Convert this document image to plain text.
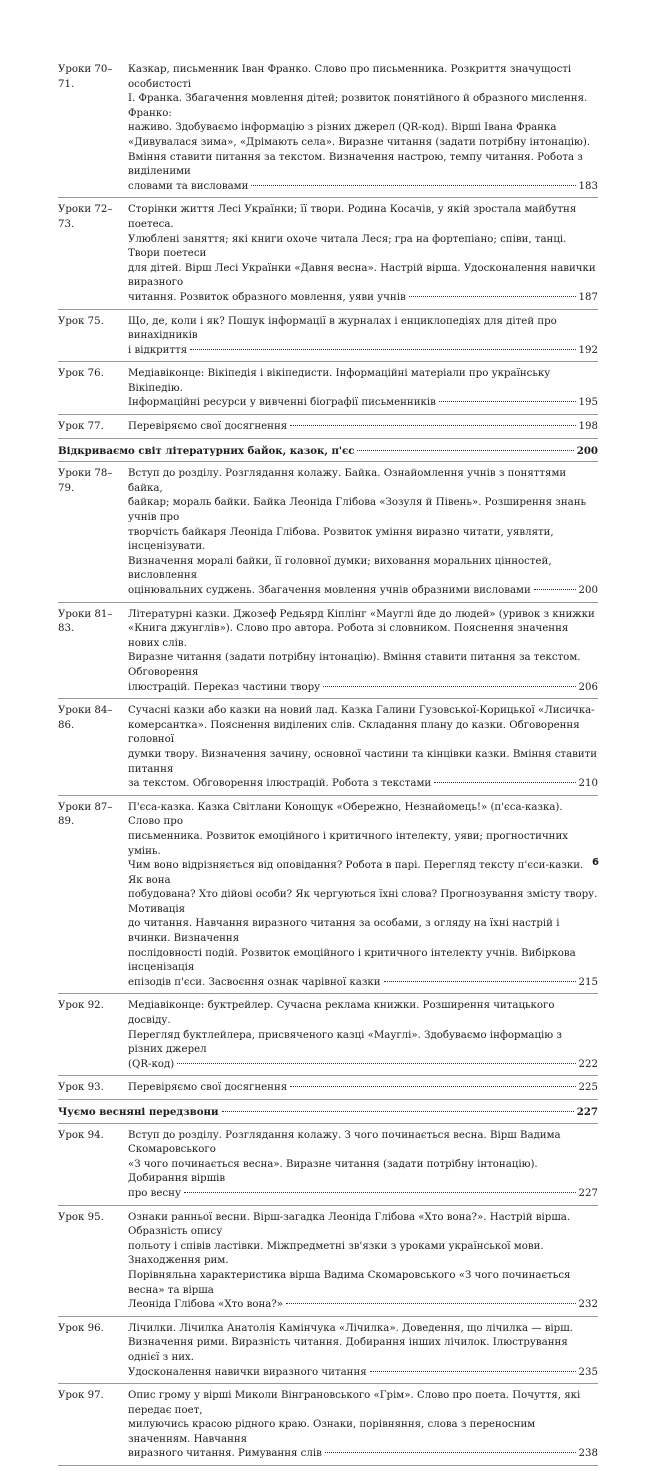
Уроки 70–71.
Казкар, письменник Іван Франко. Слово про письменника. Розкриття значущості особистості
І. Франка. Збагачення мовлення дітей; розвиток понятійного й образного мислення. Франко:
наживо. Здобуваємо інформацію з різних джерел (QR-код). Вірші Івана Франка
«Дивувалася зима», «Дрімають села». Виразне читання (задати потрібну інтонацію).
Вміння ставити питання за текстом. Визначення настрою, темпу читання. Робота з виділеними
словами та висловами	183
Уроки 72–73.
Сторінки життя Лесі Українки; її твори. Родина Косачів, у якій зростала майбутня поетеса.
Улюблені заняття; які книги охоче читала Леся; гра на фортепіано; співи, танці. Твори поетеси
для дітей. Вірш Лесі Українки «Давня весна». Настрій вірша. Удосконалення навички виразного
читання. Розвиток образного мовлення, уяви учнів	187
Урок 75.	Що, де, коли і як? Пошук інформації в журналах і енциклопедіях для дітей про винахідників
і відкриття	192
Урок 76.	Медіавіконце: Вікіпедія і вікіпедисти. Інформаційні матеріали про українську Вікіпедію.
Інформаційні ресурси у вивченні біографії письменників	195
Урок 77.	Перевіряємо свої досягнення	198
Відкриваємо світ літературних байок, казок, п'єс	200
Уроки 78–79.
Вступ до розділу. Розглядання колажу. Байка. Ознайомлення учнів з поняттями байка,
байкар; мораль байки. Байка Леоніда Глібова «Зозуля й Півень». Розширення знань учнів про
творчість байкаря Леоніда Глібова. Розвиток уміння виразно читати, уявляти, інсценізувати.
Визначення моралі байки, її головної думки; виховання моральних цінностей, висловлення
оцінювальних суджень. Збагачення мовлення учнів образними висловами	200
Уроки 81–83.
Літературні казки. Джозеф Редьярд Кіплінг «Мауглі йде до людей» (уривок з книжки
«Книга джунглів»). Слово про автора. Робота зі словником. Пояснення значення нових слів.
Виразне читання (задати потрібну інтонацію). Вміння ставити питання за текстом. Обговорення
ілюстрацій. Переказ частини твору	206
Уроки 84–86.
Сучасні казки або казки на новий лад. Казка Галини Гузовської-Корицької «Лисичка-
комерсантка». Пояснення виділених слів. Складання плану до казки. Обговорення головної
думки твору. Визначення зачину, основної частини та кінцівки казки. Вміння ставити питання
за текстом. Обговорення ілюстрацій. Робота з текстами	210
Уроки 87–89.
П'єса-казка. Казка Світлани Конощук «Обережно, Незнайомець!» (п'єса-казка). Слово про
письменника. Розвиток емоційного і критичного інтелекту, уяви; прогностичних умінь.
Чим воно відрізняється від оповідання? Робота в парі. Перегляд тексту п'єси-казки. Як вона
побудована? Хто дійові особи? Як чергуються їхні слова? Прогнозування змісту твору. Мотивація
до читання. Навчання виразного читання за особами, з огляду на їхні настрій і вчинки. Визначення
послідовності подій. Розвиток емоційного і критичного інтелекту учнів. Вибіркова інсценізація
епізодів п'єси. Засвоєння ознак чарівної казки	215
Урок 92.	Медіавіконце: буктрейлер. Сучасна реклама книжки. Розширення читацького досвіду.
Перегляд буктлейлера, присвяченого казці «Мауглі». Здобуваємо інформацію з різних джерел
(QR-код)	222
Урок 93.	Перевіряємо свої досягнення	225
Чуємо весняні передзвони	227
Урок 94.	Вступ до розділу. Розглядання колажу. З чого починається весна. Вірш Вадима Скомаровського
«З чого починається весна». Виразне читання (задати потрібну інтонацію). Добирання віршів
про весну	227
Урок 95.	Ознаки ранньої весни. Вірш-загадка Леоніда Глібова «Хто вона?». Настрій вірша. Образність опису
польоту і співів ластівки. Міжпредметні зв'язки з уроками української мови. Знаходження рим.
Порівняльна характеристика вірша Вадима Скомаровського «З чого починається весна» та вірша
Леоніда Глібова «Хто вона?»	232
Урок 96.	Лічилки. Лічилка Анатолія Камінчука «Лічилка». Доведення, що лічилка — вірш.
Визначення рими. Виразність читання. Добирання інших лічилок. Ілюстрування однієї з них.
Удосконалення навички виразного читання	235
Урок 97.	Опис грому у вірші Миколи Вінграновського «Грім». Слово про поета. Почуття, які передає поет,
милуючись красою рідного краю. Ознаки, порівняння, слова з переносним значенням. Навчання
виразного читання. Римування слів	238
6
